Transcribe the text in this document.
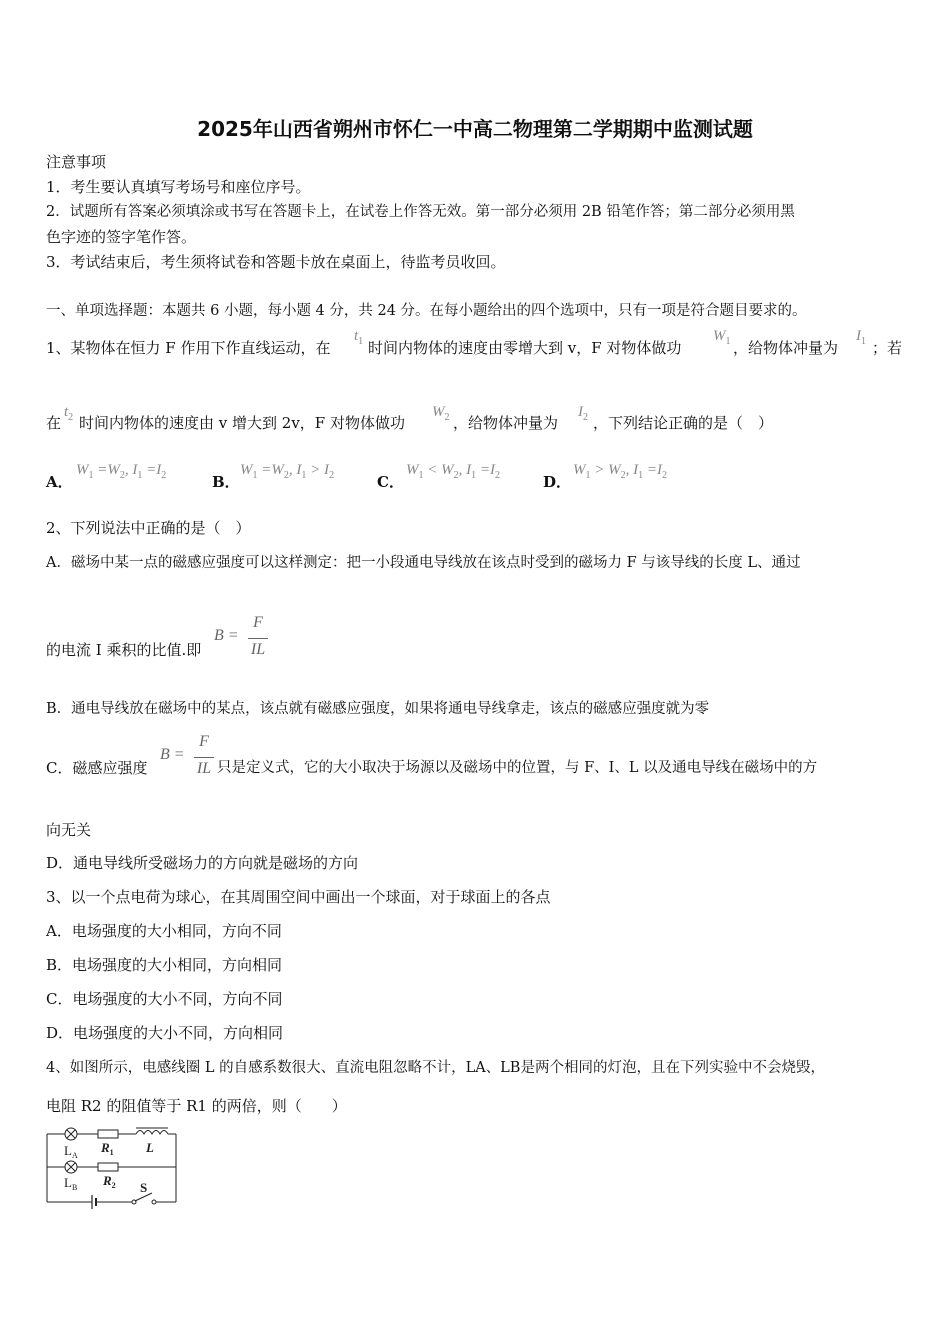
2025年山西省朔州市怀仁一中高二物理第二学期期中监测试题
注意事项
1．考生要认真填写考场号和座位序号。
2．试题所有答案必须填涂或书写在答题卡上，在试卷上作答无效。第一部分必须用 2B 铅笔作答；第二部分必须用黑
色字迹的签字笔作答。
3．考试结束后，考生须将试卷和答题卡放在桌面上，待监考员收回。
一、单项选择题：本题共 6 小题，每小题 4 分，共 24 分。在每小题给出的四个选项中，只有一项是符合题目要求的。
1、某物体在恒力 F 作用下作直线运动，在
$t_1$ 时间内物体的速度由零增大到 v，F 对物体做功
$W_1$ ，给物体冲量为
$I_1$ ；若
在
$t_2$ 时间内物体的速度由 v 增大到 2v，F 对物体做功
$W_2$ ，给物体冲量为
$I_2$ ，下列结论正确的是（　）
A．
$W_1 =W_2$, $I_1 =I_2$	B．
$W_1 =W_2$, $I_1 > I_2$	C．
$W_1 < W_2$, $I_1 =I_2$	D．
$W_1 > W_2$, $I_1 =I_2$
2、下列说法中正确的是（　）
A．磁场中某一点的磁感应强度可以这样测定：把一小段通电导线放在该点时受到的磁场力 F 与该导线的长度 L、通过
的电流 I 乘积的比值.即
B =
F
IL
B．通电导线放在磁场中的某点，该点就有磁感应强度，如果将通电导线拿走，该点的磁感应强度就为零
C．磁感应强度
B =
F
IL 只是定义式，它的大小取决于场源以及磁场中的位置，与 F、I、L 以及通电导线在磁场中的方
向无关
D．通电导线所受磁场力的方向就是磁场的方向
3、以一个点电荷为球心，在其周围空间中画出一个球面，对于球面上的各点
A．电场强度的大小相同，方向不同
B．电场强度的大小相同，方向相同
C．电场强度的大小不同，方向不同
D．电场强度的大小不同，方向相同
4、如图所示，电感线圈 L 的自感系数很大、直流电阻忽略不计，LA、LB是两个相同的灯泡，且在下列实验中不会烧毁，
电阻 R2 的阻值等于 R1 的两倍，则（　　）
$L_A$
$L_B$
$R_1$
$R_2$
L
S
